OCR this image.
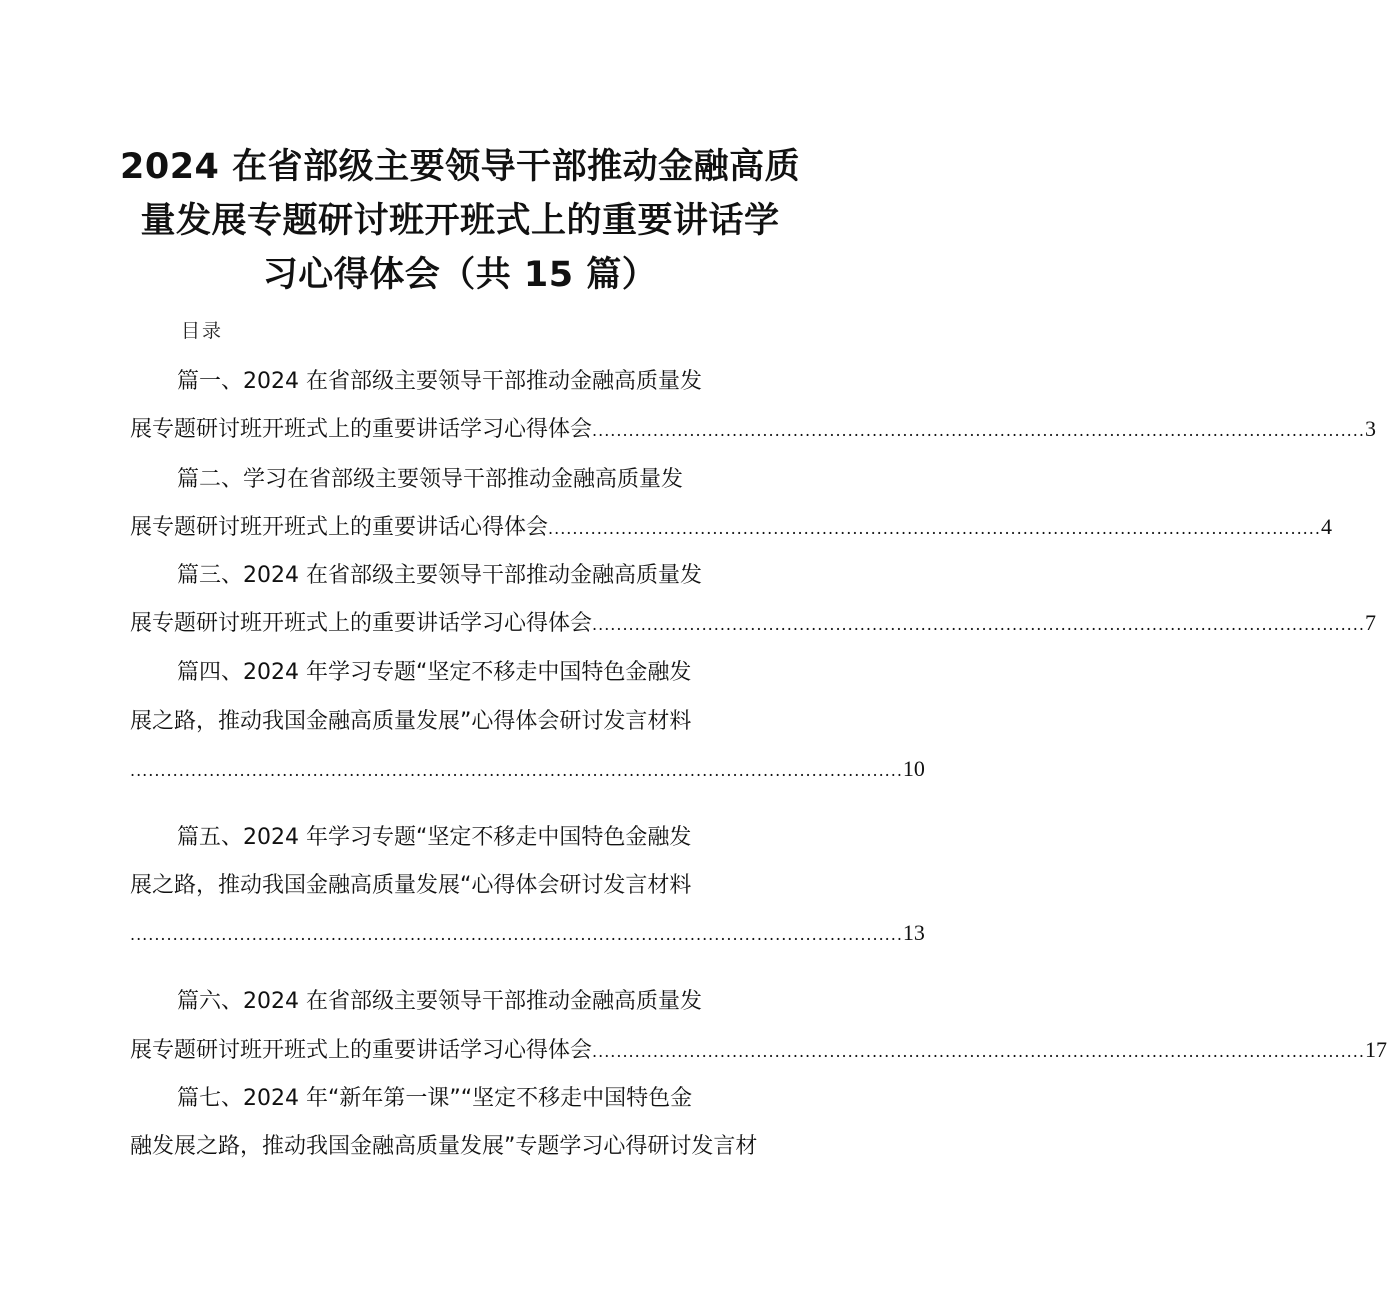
2024 在省部级主要领导干部推动金融高质
量发展专题研讨班开班式上的重要讲话学
习心得体会（共 15 篇）
目录
篇一、2024 在省部级主要领导干部推动金融高质量发
展专题研讨班开班式上的重要讲话学习心得体会 ............................................................................................................................... 3
篇二、学习在省部级主要领导干部推动金融高质量发
展专题研讨班开班式上的重要讲话心得体会 ............................................................................................................................... 4
篇三、2024 在省部级主要领导干部推动金融高质量发
展专题研讨班开班式上的重要讲话学习心得体会 ............................................................................................................................... 7
篇四、2024 年学习专题“坚定不移走中国特色金融发
展之路，推动我国金融高质量发展”心得体会研讨发言材料
............................................................................................................................... 10
篇五、2024 年学习专题“坚定不移走中国特色金融发
展之路，推动我国金融高质量发展“心得体会研讨发言材料
............................................................................................................................... 13
篇六、2024 在省部级主要领导干部推动金融高质量发
展专题研讨班开班式上的重要讲话学习心得体会 ............................................................................................................................... 17
篇七、2024 年“新年第一课”“坚定不移走中国特色金
融发展之路，推动我国金融高质量发展”专题学习心得研讨发言材
